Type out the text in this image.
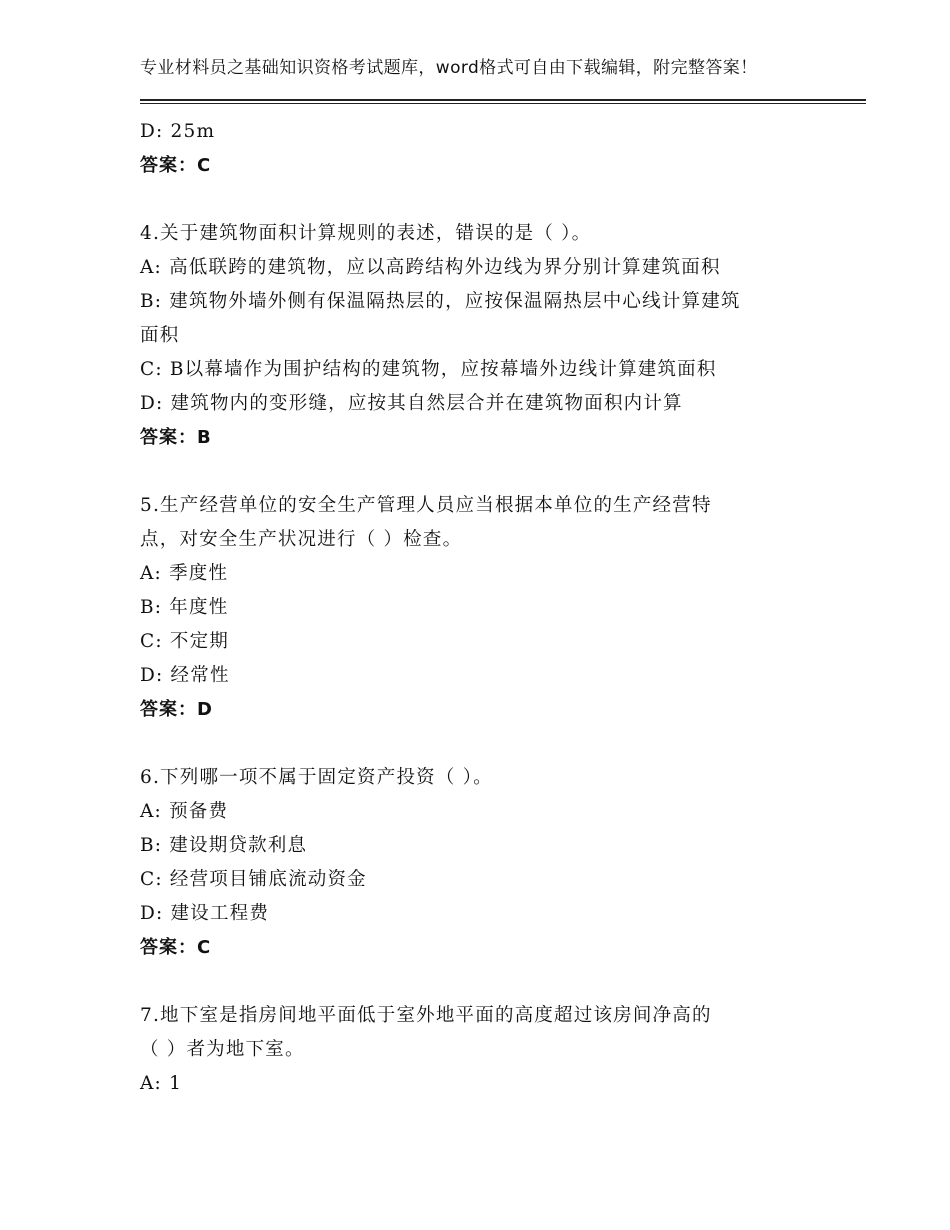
专业材料员之基础知识资格考试题库，word格式可自由下载编辑，附完整答案！
D: 25m
答案：C
4.关于建筑物面积计算规则的表述，错误的是（ ）。
A: 高低联跨的建筑物，应以高跨结构外边线为界分别计算建筑面积
B: 建筑物外墙外侧有保温隔热层的，应按保温隔热层中心线计算建筑
面积
C: B以幕墙作为围护结构的建筑物，应按幕墙外边线计算建筑面积
D: 建筑物内的变形缝，应按其自然层合并在建筑物面积内计算
答案：B
5.生产经营单位的安全生产管理人员应当根据本单位的生产经营特
点，对安全生产状况进行（ ）检查。
A: 季度性
B: 年度性
C: 不定期
D: 经常性
答案：D
6.下列哪一项不属于固定资产投资（ ）。
A: 预备费
B: 建设期贷款利息
C: 经营项目铺底流动资金
D: 建设工程费
答案：C
7.地下室是指房间地平面低于室外地平面的高度超过该房间净高的
（ ）者为地下室。
A: 1
